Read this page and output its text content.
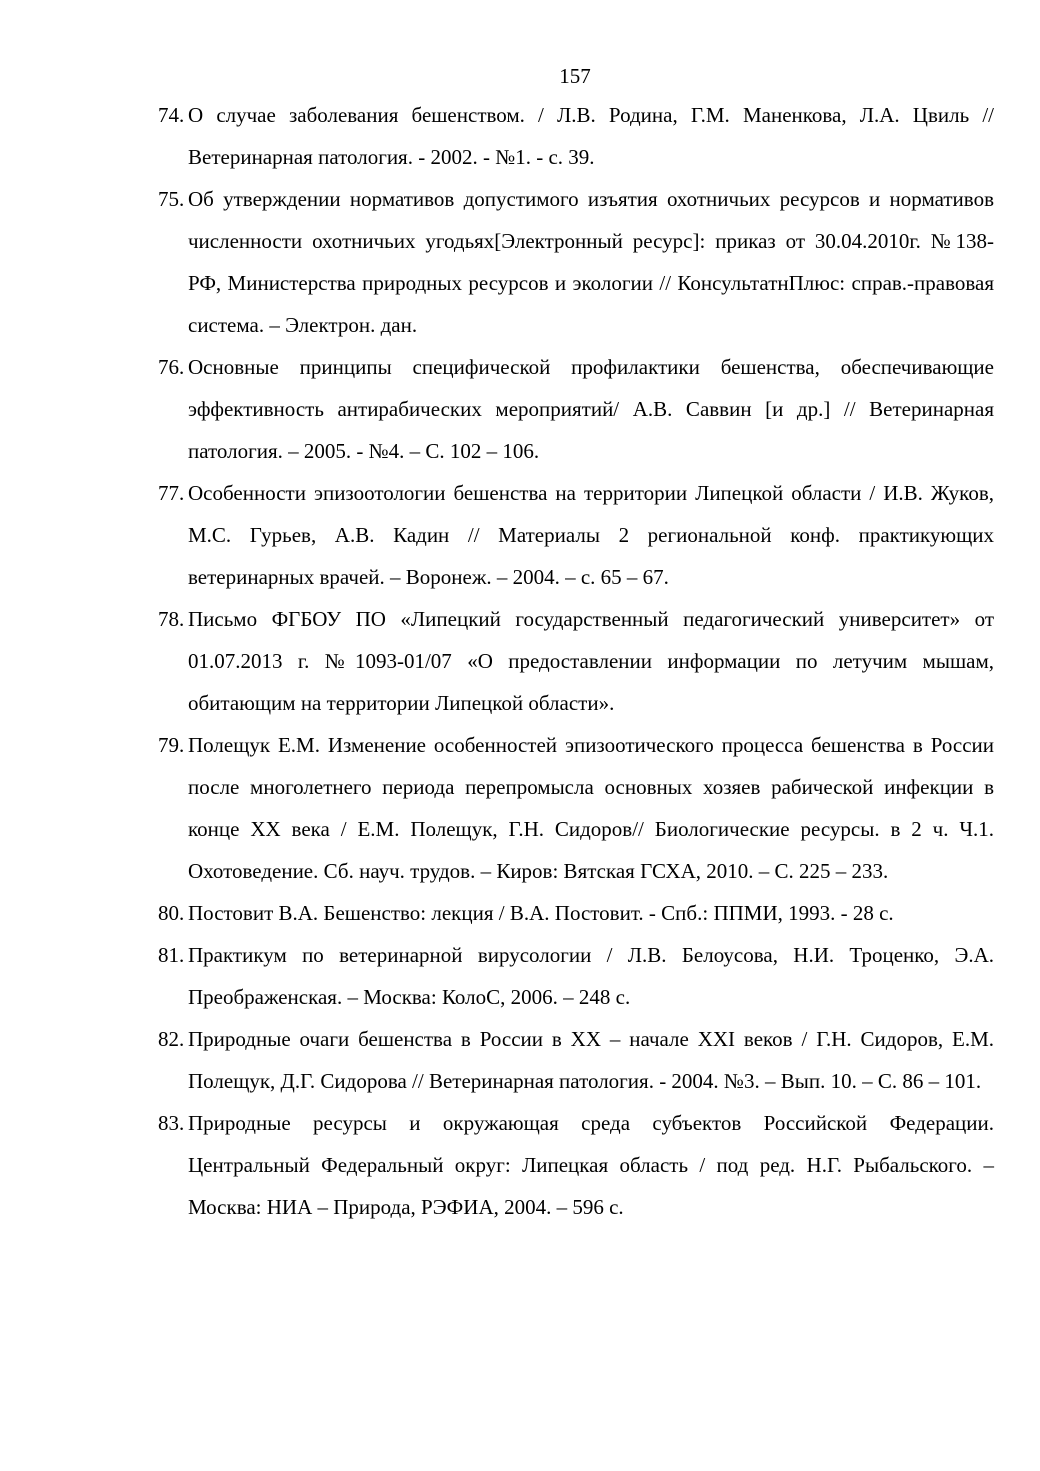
157

74 . О случае заболевания бешенством. / Л.В. Родина, Г.М. Маненкова, Л.А. Цвиль // Ветеринарная патология. - 2002. - №1. - с. 39.

75 . Об утверждении нормативов допустимого изъятия охотничьих ресурсов и нормативов численности охотничьих угодьях[Электронный ресурс]: приказ от 30.04.2010г. №138- РФ, Министерства природных ресурсов и экологии // КонсультатнПлюс: справ.-правовая система. – Электрон. дан.

76 . Основные принципы специфической профилактики бешенства, обеспечивающие эффективность антирабических мероприятий/ А.В. Саввин [и др.] // Ветеринарная патология. – 2005. - №4. – С. 102 – 106.

77 . Особенности эпизоотологии бешенства на территории Липецкой области / И.В. Жуков, М.С. Гурьев, А.В. Кадин // Материалы 2 региональной конф. практикующих ветеринарных врачей. – Воронеж. – 2004. – с. 65 – 67.

78 . Письмо ФГБОУ ПО «Липецкий государственный педагогический университет» от 01.07.2013 г. №1093-01/07 «О предоставлении информации по летучим мышам, обитающим на территории Липецкой области».

79 . Полещук Е.М. Изменение особенностей эпизоотического процесса бешенства в России после многолетнего периода перепромысла основных хозяев рабической инфекции в конце XX века / Е.М. Полещук, Г.Н. Сидоров// Биологические ресурсы. в 2 ч. Ч.1. Охотоведение. Сб. науч. трудов. – Киров: Вятская ГСХА, 2010. – С. 225 – 233.

80 . Постовит В.А. Бешенство: лекция / В.А. Постовит. - Спб.: ППМИ, 1993. - 28 с.

81 . Практикум по ветеринарной вирусологии / Л.В. Белоусова, Н.И. Троценко, Э.А. Преображенская. – Москва: КолоС, 2006. – 248 с.

82 . Природные очаги бешенства в России в XX – начале XXI веков / Г.Н. Сидоров, Е.М. Полещук, Д.Г. Сидорова // Ветеринарная патология. - 2004. №3. – Вып. 10. – С. 86 – 101.

83 . Природные ресурсы и окружающая среда субъектов Российской Федерации. Центральный Федеральный округ: Липецкая область / под ред. Н.Г. Рыбальского. – Москва: НИА – Природа, РЭФИА, 2004. – 596 с.
